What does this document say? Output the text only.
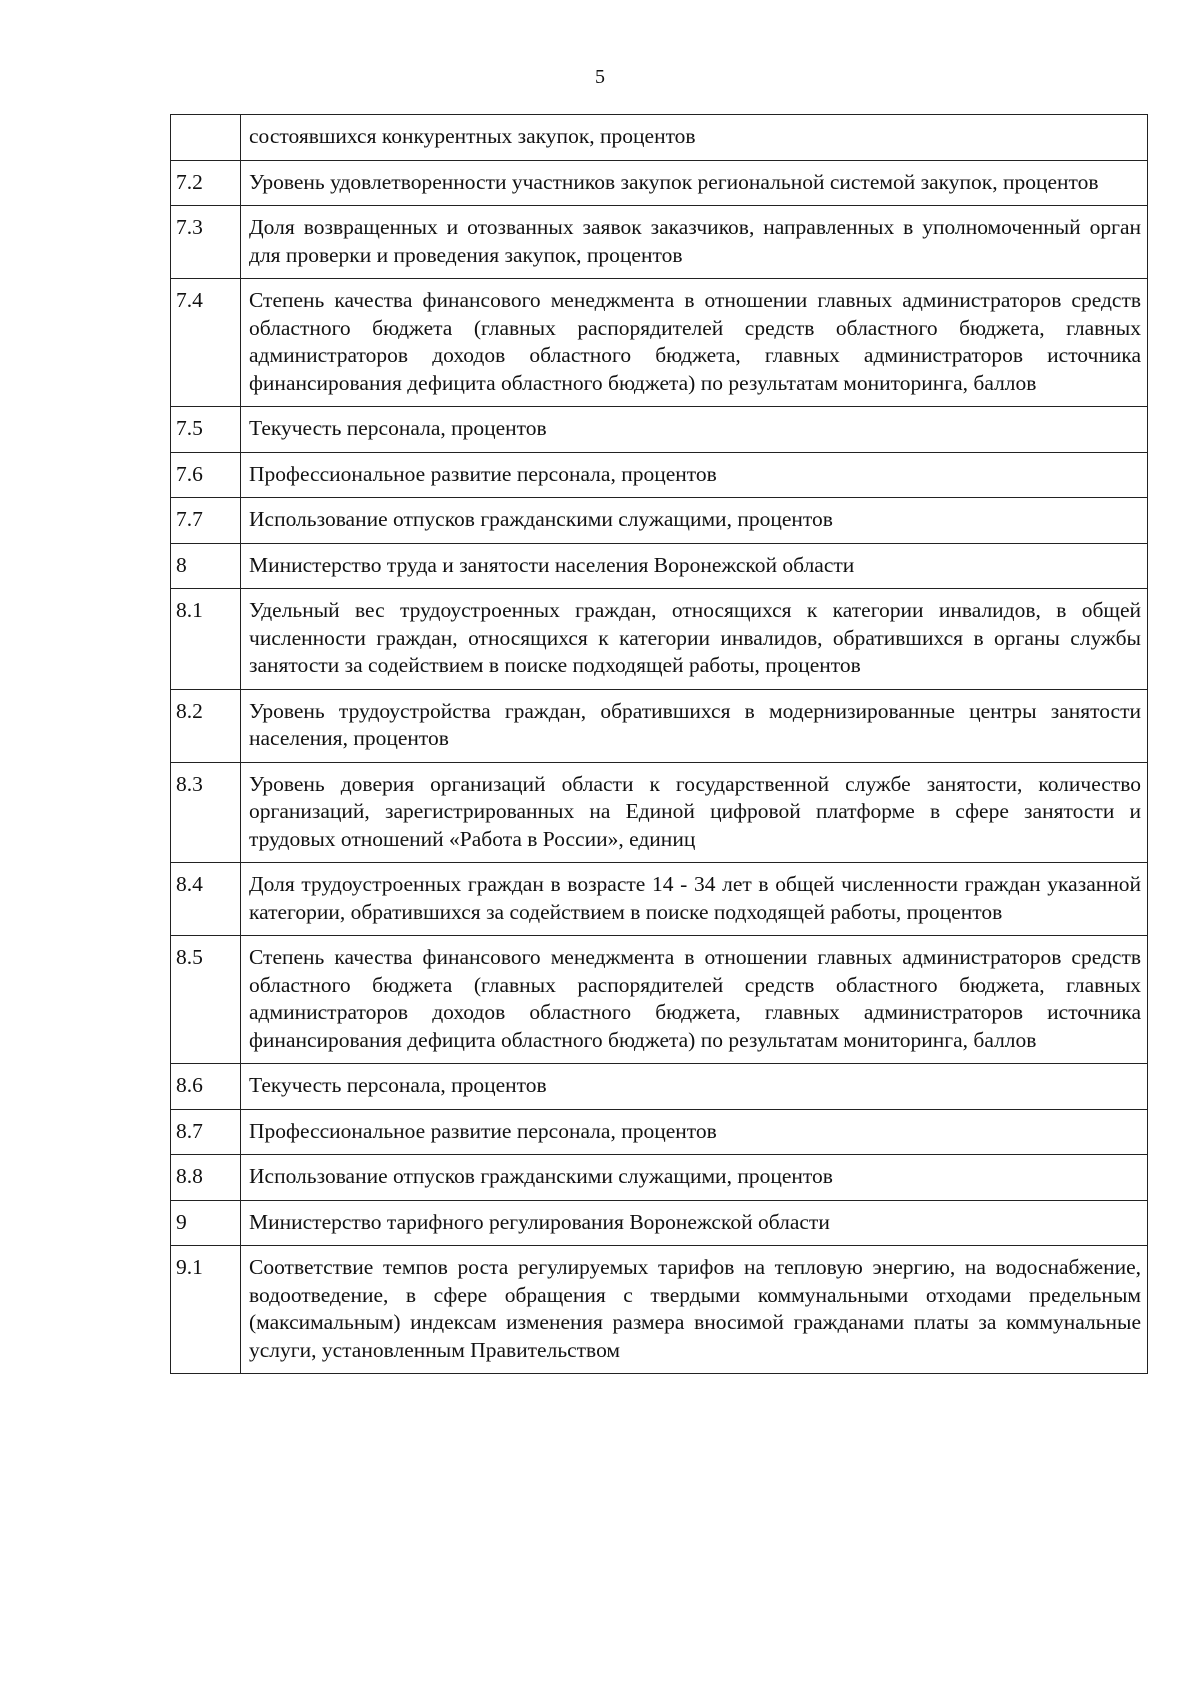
5
	состоявшихся конкурентных закупок, процентов
7.2	Уровень удовлетворенности участников закупок региональной системой закупок, процентов
7.3	Доля возвращенных и отозванных заявок заказчиков, направленных в уполномоченный орган для проверки и проведения закупок, процентов
7.4	Степень качества финансового менеджмента в отношении главных администраторов средств областного бюджета (главных распорядителей средств областного бюджета, главных администраторов доходов областного бюджета, главных администраторов источника финансирования дефицита областного бюджета) по результатам мониторинга, баллов
7.5	Текучесть персонала, процентов
7.6	Профессиональное развитие персонала, процентов
7.7	Использование отпусков гражданскими служащими, процентов
8	Министерство труда и занятости населения Воронежской области
8.1	Удельный вес трудоустроенных граждан, относящихся к категории инвалидов, в общей численности граждан, относящихся к категории инвалидов, обратившихся в органы службы занятости за содействием в поиске подходящей работы, процентов
8.2	Уровень трудоустройства граждан, обратившихся в модернизированные центры занятости населения, процентов
8.3	Уровень доверия организаций области к государственной службе занятости, количество организаций, зарегистрированных на Единой цифровой платформе в сфере занятости и трудовых отношений «Работа в России», единиц
8.4	Доля трудоустроенных граждан в возрасте 14 - 34 лет в общей численности граждан указанной категории, обратившихся за содействием в поиске подходящей работы, процентов
8.5	Степень качества финансового менеджмента в отношении главных администраторов средств областного бюджета (главных распорядителей средств областного бюджета, главных администраторов доходов областного бюджета, главных администраторов источника финансирования дефицита областного бюджета) по результатам мониторинга, баллов
8.6	Текучесть персонала, процентов
8.7	Профессиональное развитие персонала, процентов
8.8	Использование отпусков гражданскими служащими, процентов
9	Министерство тарифного регулирования Воронежской области
9.1	Соответствие темпов роста регулируемых тарифов на тепловую энергию, на водоснабжение, водоотведение, в сфере обращения с твердыми коммунальными отходами предельным (максимальным) индексам изменения размера вносимой гражданами платы за коммунальные услуги, установленным Правительством
